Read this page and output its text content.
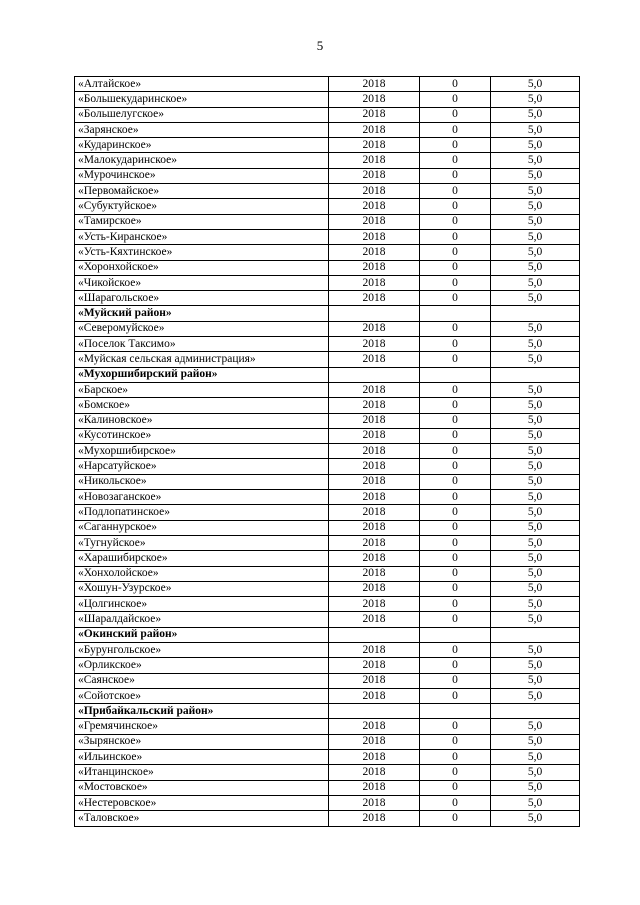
5
«Алтайское»	2018	0	5,0
«Большекударинское»	2018	0	5,0
«Большелугское»	2018	0	5,0
«Зарянское»	2018	0	5,0
«Кударинское»	2018	0	5,0
«Малокударинское»	2018	0	5,0
«Мурочинское»	2018	0	5,0
«Первомайское»	2018	0	5,0
«Субуктуйское»	2018	0	5,0
«Тамирское»	2018	0	5,0
«Усть-Киранское»	2018	0	5,0
«Усть-Кяхтинское»	2018	0	5,0
«Хоронхойское»	2018	0	5,0
«Чикойское»	2018	0	5,0
«Шарагольское»	2018	0	5,0
«Муйский район»			
«Северомуйское»	2018	0	5,0
«Поселок Таксимо»	2018	0	5,0
«Муйская сельская администрация»	2018	0	5,0
«Мухоршибирский район»			
«Барское»	2018	0	5,0
«Бомское»	2018	0	5,0
«Калиновское»	2018	0	5,0
«Кусотинское»	2018	0	5,0
«Мухоршибирское»	2018	0	5,0
«Нарсатуйское»	2018	0	5,0
«Никольское»	2018	0	5,0
«Новозаганское»	2018	0	5,0
«Подлопатинское»	2018	0	5,0
«Саганнурское»	2018	0	5,0
«Тугнуйское»	2018	0	5,0
«Харашибирское»	2018	0	5,0
«Хонхолойское»	2018	0	5,0
«Хошун-Узурское»	2018	0	5,0
«Цолгинское»	2018	0	5,0
«Шаралдайское»	2018	0	5,0
«Окинский район»			
«Бурунгольское»	2018	0	5,0
«Орликское»	2018	0	5,0
«Саянское»	2018	0	5,0
«Сойотское»	2018	0	5,0
«Прибайкальский район»			
«Гремячинское»	2018	0	5,0
«Зырянское»	2018	0	5,0
«Ильинское»	2018	0	5,0
«Итанцинское»	2018	0	5,0
«Мостовское»	2018	0	5,0
«Нестеровское»	2018	0	5,0
«Таловское»	2018	0	5,0
